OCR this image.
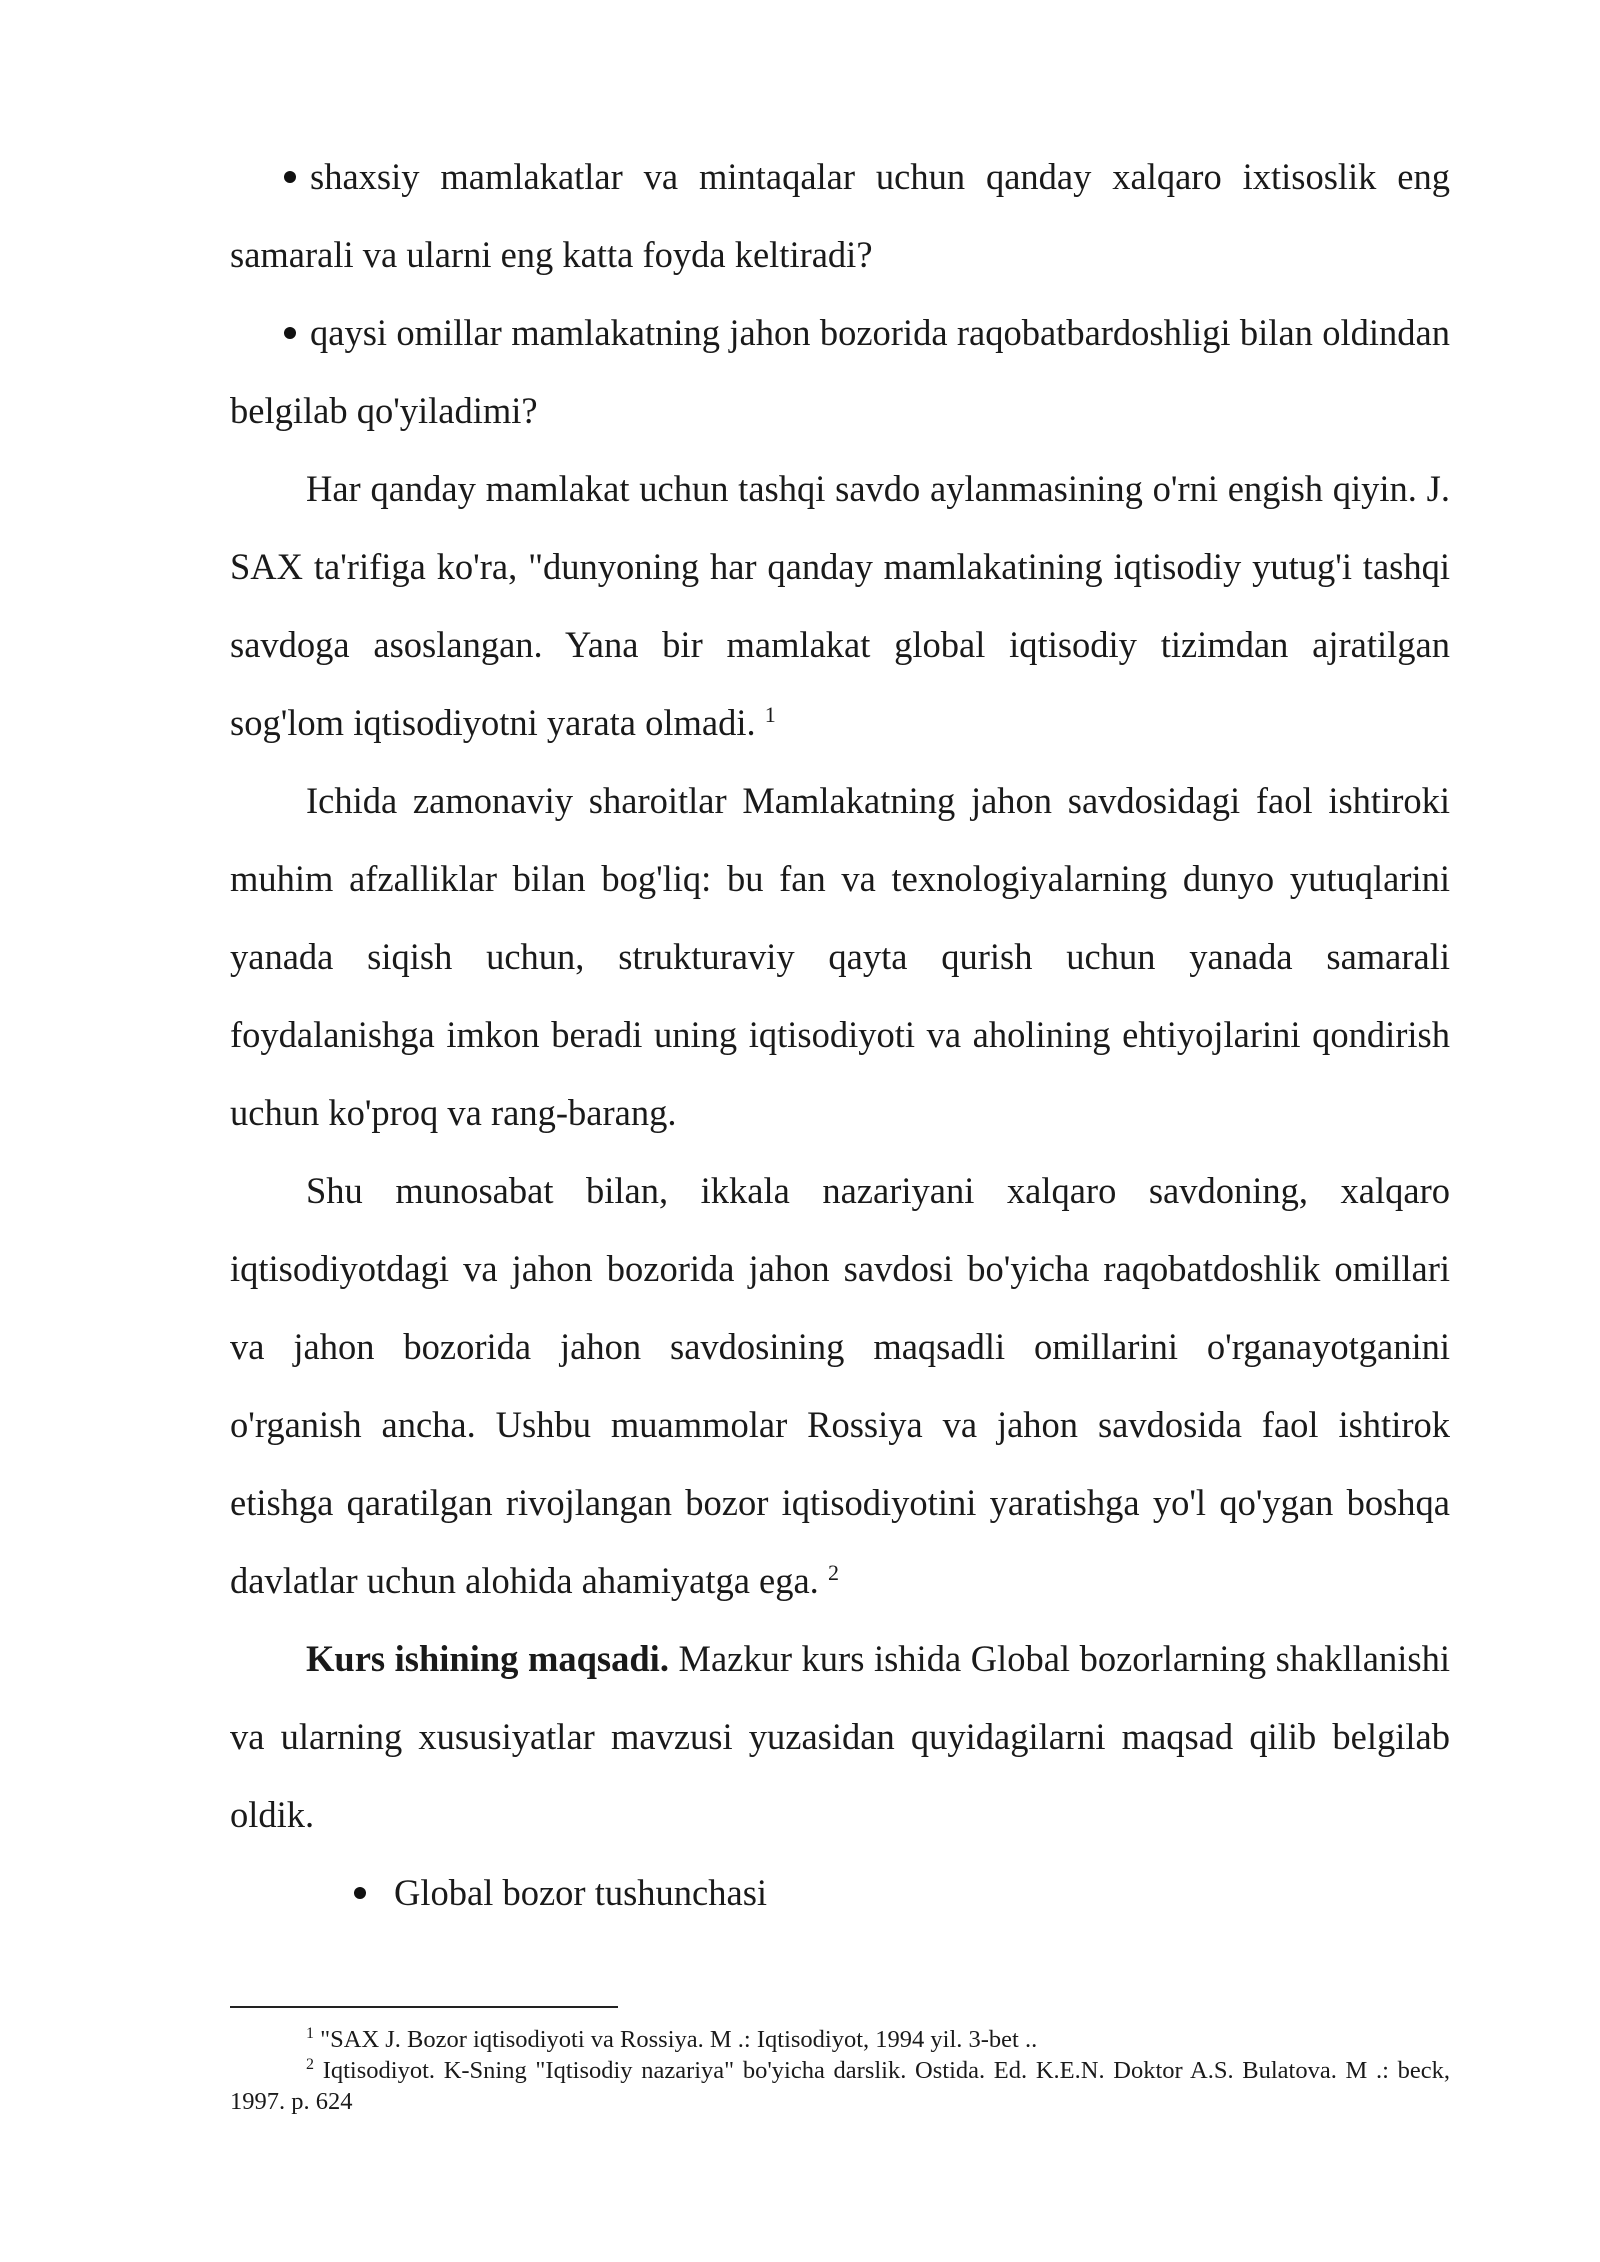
shaxsiy mamlakatlar va mintaqalar uchun qanday xalqaro ixtisoslik eng samarali va ularni eng katta foyda keltiradi?

qaysi omillar mamlakatning jahon bozorida raqobatbardoshligi bilan oldindan belgilab qo'yiladimi?

Har qanday mamlakat uchun tashqi savdo aylanmasining o'rni engish qiyin. J. SAX ta'rifiga ko'ra, "dunyoning har qanday mamlakatining iqtisodiy yutug'i tashqi savdoga asoslangan. Yana bir mamlakat global iqtisodiy tizimdan ajratilgan sog'lom iqtisodiyotni yarata olmadi. $^1$

Ichida zamonaviy sharoitlar Mamlakatning jahon savdosidagi faol ishtiroki muhim afzalliklar bilan bog'liq: bu fan va texnologiyalarning dunyo yutuqlarini yanada siqish uchun, strukturaviy qayta qurish uchun yanada samarali foydalanishga imkon beradi uning iqtisodiyoti va aholining ehtiyojlarini qondirish uchun ko'proq va rang-barang.

Shu munosabat bilan, ikkala nazariyani xalqaro savdoning, xalqaro iqtisodiyotdagi va jahon bozorida jahon savdosi bo'yicha raqobatdoshlik omillari va jahon bozorida jahon savdosining maqsadli omillarini o'rganayotganini o'rganish ancha. Ushbu muammolar Rossiya va jahon savdosida faol ishtirok etishga qaratilgan rivojlangan bozor iqtisodiyotini yaratishga yo'l qo'ygan boshqa davlatlar uchun alohida ahamiyatga ega. $^2$

Kurs ishining maqsadi. Mazkur kurs ishida Global bozorlarning shakllanishi va ularning xususiyatlar mavzusi yuzasidan quyidagilarni maqsad qilib belgilab oldik.

Global bozor tushunchasi

$^1$ "SAX J. Bozor iqtisodiyoti va Rossiya. M .: Iqtisodiyot, 1994 yil. 3-bet ..

$^2$ Iqtisodiyot. K-Sning "Iqtisodiy nazariya" bo'yicha darslik. Ostida. Ed. K.E.N. Doktor A.S. Bulatova. M .: beck, 1997. p. 624
